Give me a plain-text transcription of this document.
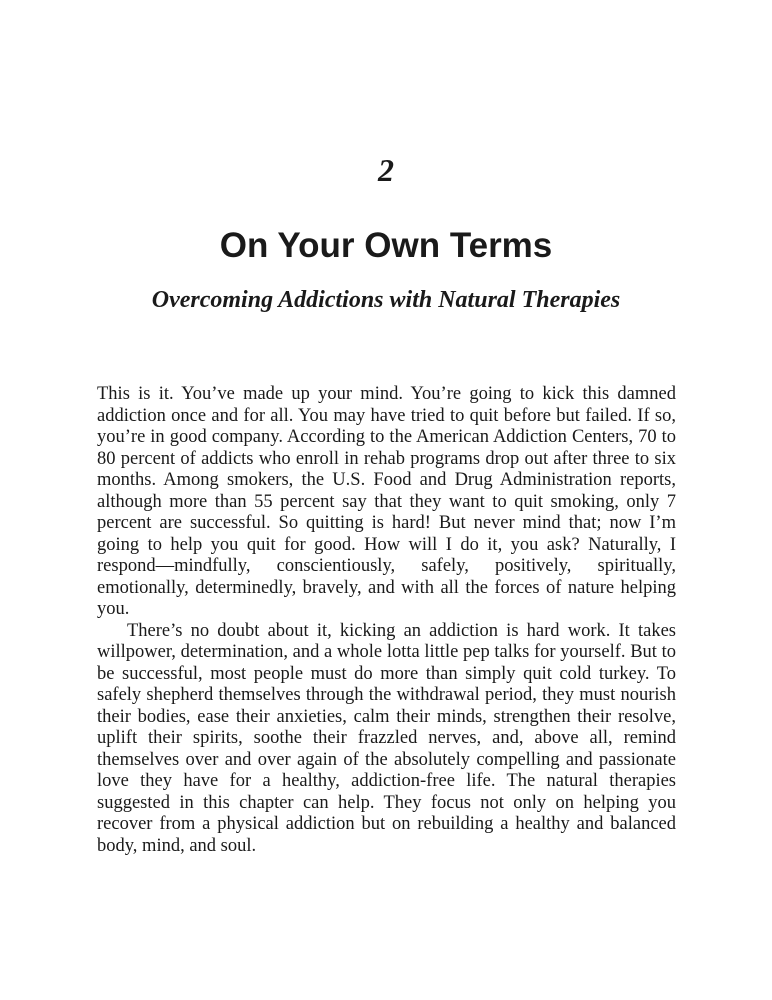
2
On Your Own Terms
Overcoming Addictions with Natural Therapies

This is it. You’ve made up your mind. You’re going to kick this damned addiction once and for all. You may have tried to quit before but failed. If so, you’re in good company. According to the American Addiction Centers, 70 to 80 percent of addicts who enroll in rehab programs drop out after three to six months. Among smokers, the U.S. Food and Drug Administration reports, although more than 55 percent say that they want to quit smoking, only 7 percent are successful. So quitting is hard! But never mind that; now I’m going to help you quit for good. How will I do it, you ask? Naturally, I respond—mindfully, conscientiously, safely, positively, spiritually, emotionally, determinedly, bravely, and with all the forces of nature helping you.

There’s no doubt about it, kicking an addiction is hard work. It takes willpower, determination, and a whole lotta little pep talks for yourself. But to be successful, most people must do more than simply quit cold turkey. To safely shepherd themselves through the withdrawal period, they must nourish their bodies, ease their anxieties, calm their minds, strengthen their resolve, uplift their spirits, soothe their frazzled nerves, and, above all, remind themselves over and over again of the absolutely compelling and passionate love they have for a healthy, addiction-free life. The natural therapies suggested in this chapter can help. They focus not only on helping you recover from a physical addiction but on rebuilding a healthy and balanced body, mind, and soul.
